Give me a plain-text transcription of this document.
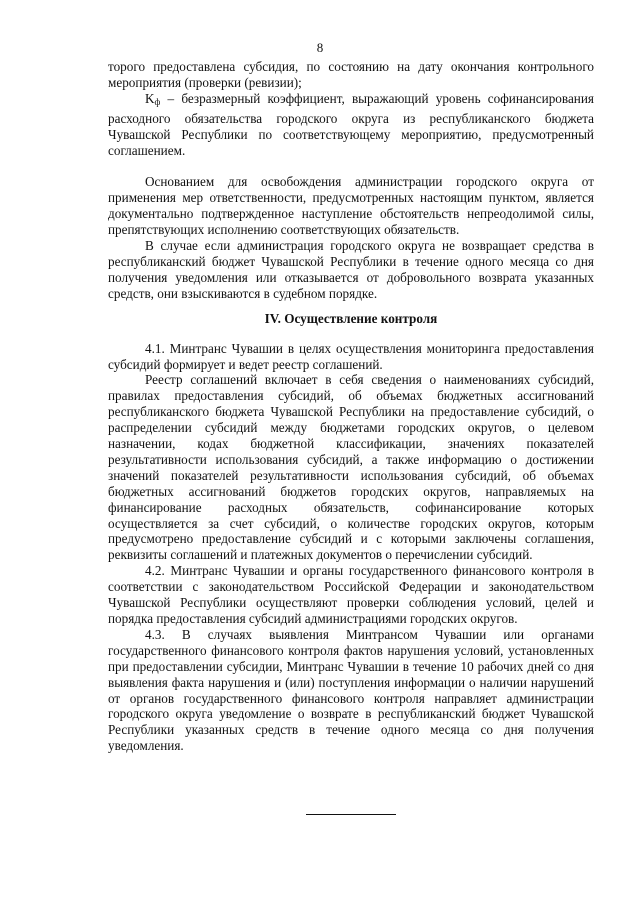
8

торого предоставлена субсидия, по состоянию на дату окончания контрольного мероприятия (проверки (ревизии);

$K_ф$ – безразмерный коэффициент, выражающий уровень софинансирования расходного обязательства городского округа из республиканского бюджета Чувашской Республики по соответствующему мероприятию, предусмотренный соглашением.

Основанием для освобождения администрации городского округа от применения мер ответственности, предусмотренных настоящим пунктом, является документально подтвержденное наступление обстоятельств непреодолимой силы, препятствующих исполнению соответствующих обязательств.

В случае если администрация городского округа не возвращает средства в республиканский бюджет Чувашской Республики в течение одного месяца со дня получения уведомления или отказывается от добровольного возврата указанных средств, они взыскиваются в судебном порядке.

IV. Осуществление контроля

4.1. Минтранс Чувашии в целях осуществления мониторинга предоставления субсидий формирует и ведет реестр соглашений.

Реестр соглашений включает в себя сведения о наименованиях субсидий, правилах предоставления субсидий, об объемах бюджетных ассигнований республиканского бюджета Чувашской Республики на предоставление субсидий, о распределении субсидий между бюджетами городских округов, о целевом назначении, кодах бюджетной классификации, значениях показателей результативности использования субсидий, а также информацию о достижении значений показателей результативности использования субсидий, об объемах бюджетных ассигнований бюджетов городских округов, направляемых на финансирование расходных обязательств, софинансирование которых осуществляется за счет субсидий, о количестве городских округов, которым предусмотрено предоставление субсидий и с которыми заключены соглашения, реквизиты соглашений и платежных документов о перечислении субсидий.

4.2. Минтранс Чувашии и органы государственного финансового контроля в соответствии с законодательством Российской Федерации и законодательством Чувашской Республики осуществляют проверки соблюдения условий, целей и порядка предоставления субсидий администрациями городских округов.

4.3. В случаях выявления Минтрансом Чувашии или органами государственного финансового контроля фактов нарушения условий, установленных при предоставлении субсидии, Минтранс Чувашии в течение 10 рабочих дней со дня выявления факта нарушения и (или) поступления информации о наличии нарушений от органов государственного финансового контроля направляет администрации городского округа уведомление о возврате в республиканский бюджет Чувашской Республики указанных средств в течение одного месяца со дня получения уведомления.
